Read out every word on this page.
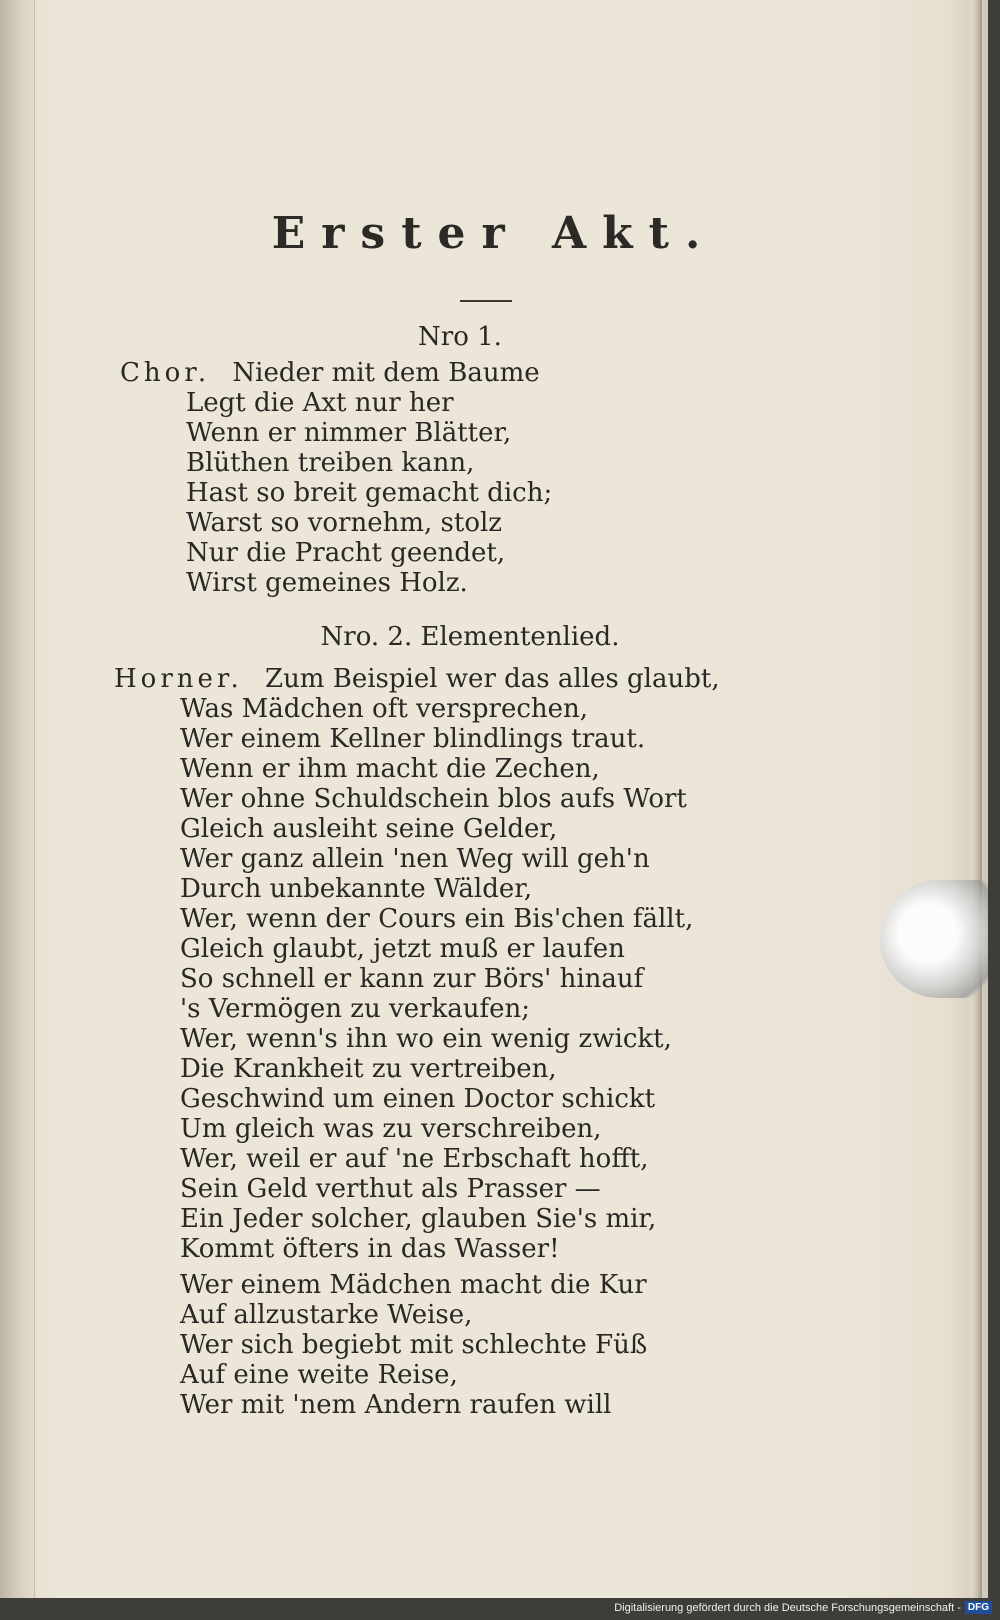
Erster Akt.
Nro 1.
Chor. Nieder mit dem Baume
Legt die Axt nur her
Wenn er nimmer Blätter,
Blüthen treiben kann,
Hast so breit gemacht dich;
Warst so vornehm, stolz
Nur die Pracht geendet,
Wirst gemeines Holz.
Nro. 2. Elementenlied.
Horner. Zum Beispiel wer das alles glaubt,
Was Mädchen oft versprechen,
Wer einem Kellner blindlings traut.
Wenn er ihm macht die Zechen,
Wer ohne Schuldschein blos aufs Wort
Gleich ausleiht seine Gelder,
Wer ganz allein 'nen Weg will geh'n
Durch unbekannte Wälder,
Wer, wenn der Cours ein Bis'chen fällt,
Gleich glaubt, jetzt muß er laufen
So schnell er kann zur Börs' hinauf
's Vermögen zu verkaufen;
Wer, wenn's ihn wo ein wenig zwickt,
Die Krankheit zu vertreiben,
Geschwind um einen Doctor schickt
Um gleich was zu verschreiben,
Wer, weil er auf 'ne Erbschaft hofft,
Sein Geld verthut als Prasser —
Ein Jeder solcher, glauben Sie's mir,
Kommt öfters in das Wasser!
Wer einem Mädchen macht die Kur
Auf allzustarke Weise,
Wer sich begiebt mit schlechte Füß
Auf eine weite Reise,
Wer mit 'nem Andern raufen will
Digitalisierung gefördert durch die Deutsche Forschungsgemeinschaft - DFG
